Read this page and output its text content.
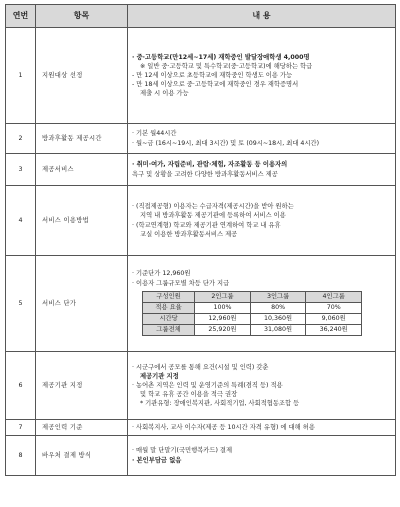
연번	항목	내 용
1	지원대상 선정	
· 중·고등학교(만12세~17세) 재학중인 발달장애학생 4,000명
※ 일반 중·고등학교 및 특수학교(중·고등학교)에 해당하는 학급
- 만 12세 이상으로 초등학교에 재학중인 학생도 이용 가능
- 만 18세 이상으로 중·고등학교에 재학중인 경우 재학증명서
제출 시 이용 가능

2	방과후활동 제공시간	
· 기본 월44시간
· 월~금 (16시~19시, 최대 3시간) 및 토 (09시~18시, 최대 4시간)

3	제공서비스	
· 취미·여가, 자립준비, 관람·체험, 자조활동 등 이용자의
욕구 및 상황을 고려한 다양한 방과후활동서비스 제공

4	서비스 이용방법	
· (직접제공형) 이용자는 수급자격(제공시간)을 받아 원하는
지역 내 방과후활동 제공기관에 등록하여 서비스 이용
· (학교연계형) 학교와 제공기관 연계하여 학교 내 유휴
교실 이용한 방과후활동서비스 제공

5	서비스 단가	
· 기준단가 12,960원
· 이용자 그룹규모별 차등 단가 지급
구성인원	2인그룹	3인그룹	4인그룹
적용 요율	100%	80%	70%
시간당	12,960원	10,360원	9,060원
그룹전체	25,920원	31,080원	36,240원

6	제공기관 지정	
· 시군구에서 공모를 통해 요건(시설 및 인력) 갖춘
제공기관 지정
· 농어촌 지역은 인력 및 운영기준의 특례(겸직 등) 적용
및 학교 유휴 공간 이용을 적극 권장
* 기관유형: 장애인복지관, 사회적기업, 사회적협동조합 등

7	제공인력 기준	· 사회복지사, 교사 이수자(제공 등 10시간 자격 유형) 에 대해 허용

8	바우처 결제 방식	
· 매월 말 단말기(국민행복카드) 결제
· 본인부담금 없음
